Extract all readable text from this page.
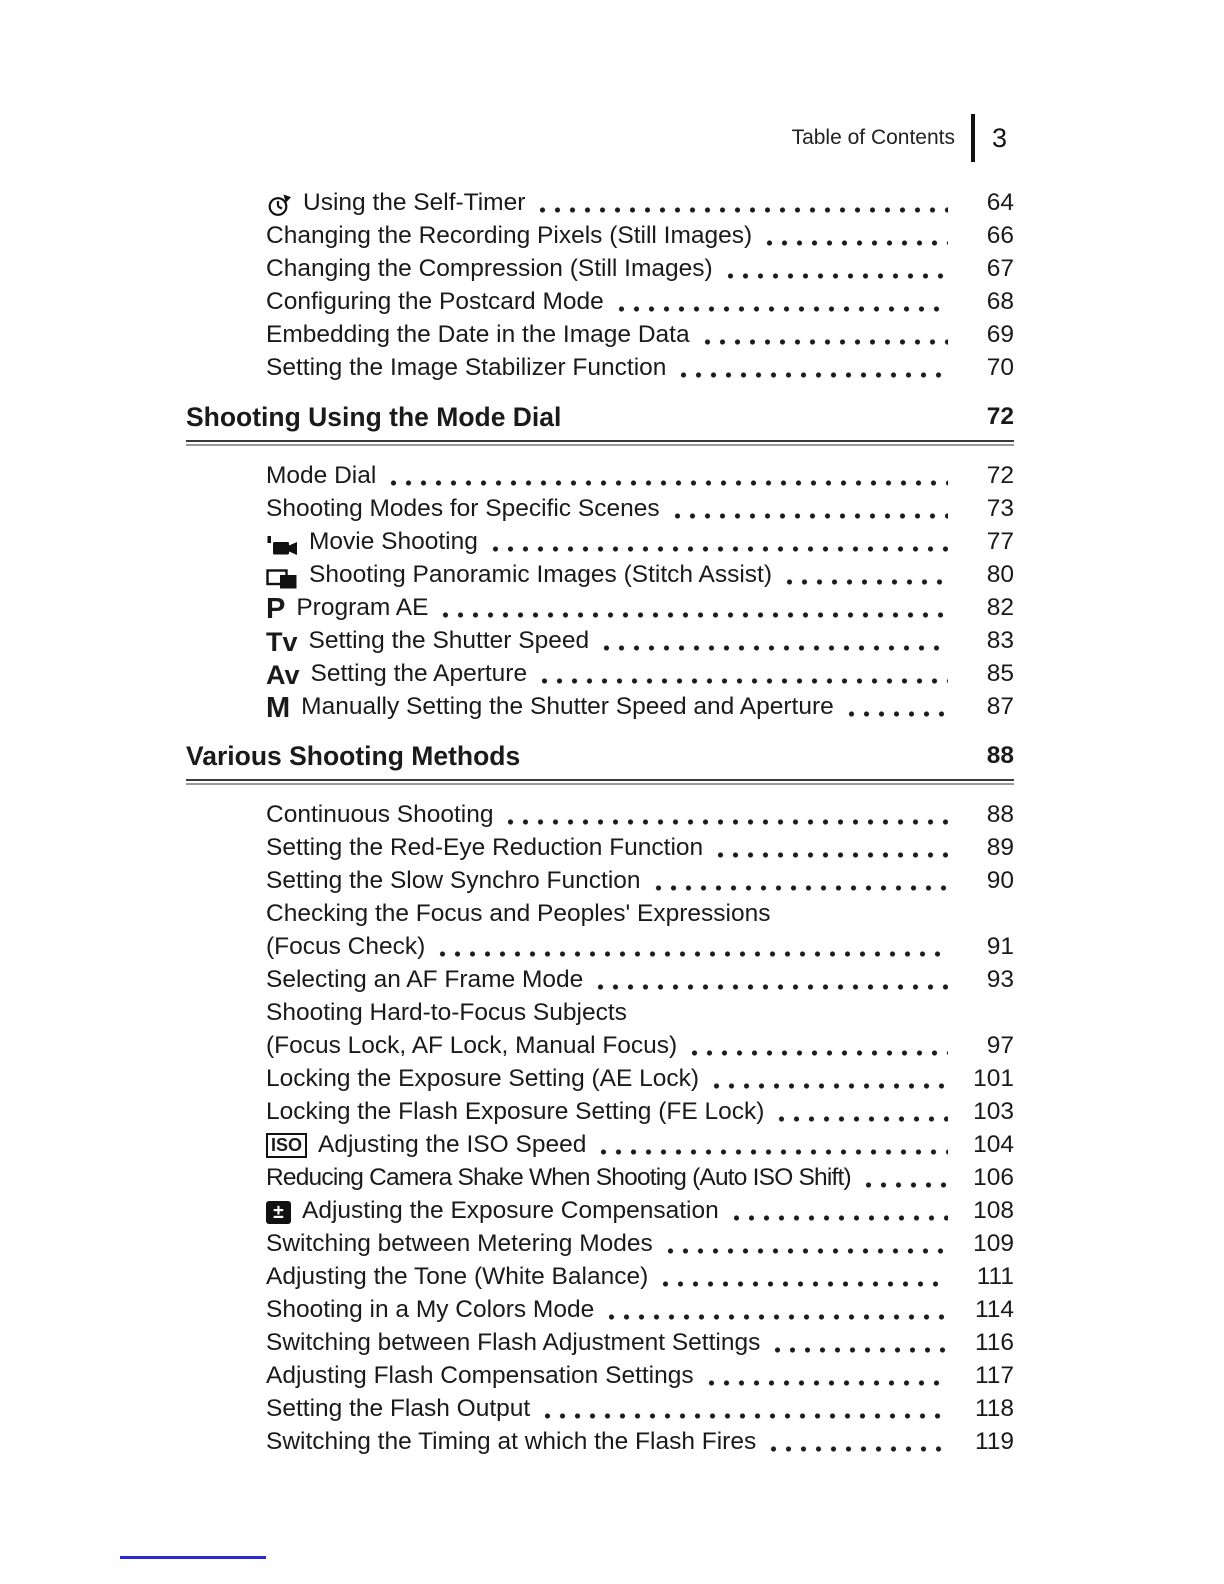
Table of Contents 3
Using the Self-Timer	64
Changing the Recording Pixels (Still Images)	66
Changing the Compression (Still Images)	67
Configuring the Postcard Mode	68
Embedding the Date in the Image Data	69
Setting the Image Stabilizer Function	70
Shooting Using the Mode Dial	72
Mode Dial	72
Shooting Modes for Specific Scenes	73
Movie Shooting	77
Shooting Panoramic Images (Stitch Assist)	80
P Program AE	82
Tv Setting the Shutter Speed	83
Av Setting the Aperture	85
M Manually Setting the Shutter Speed and Aperture	87
Various Shooting Methods	88
Continuous Shooting	88
Setting the Red-Eye Reduction Function	89
Setting the Slow Synchro Function	90
Checking the Focus and Peoples' Expressions
(Focus Check)	91
Selecting an AF Frame Mode	93
Shooting Hard-to-Focus Subjects
(Focus Lock, AF Lock, Manual Focus)	97
Locking the Exposure Setting (AE Lock)	101
Locking the Flash Exposure Setting (FE Lock)	103
ISO Adjusting the ISO Speed	104
Reducing Camera Shake When Shooting (Auto ISO Shift)	106
± Adjusting the Exposure Compensation	108
Switching between Metering Modes	109
Adjusting the Tone (White Balance)	111
Shooting in a My Colors Mode	114
Switching between Flash Adjustment Settings	116
Adjusting Flash Compensation Settings	117
Setting the Flash Output	118
Switching the Timing at which the Flash Fires	119
